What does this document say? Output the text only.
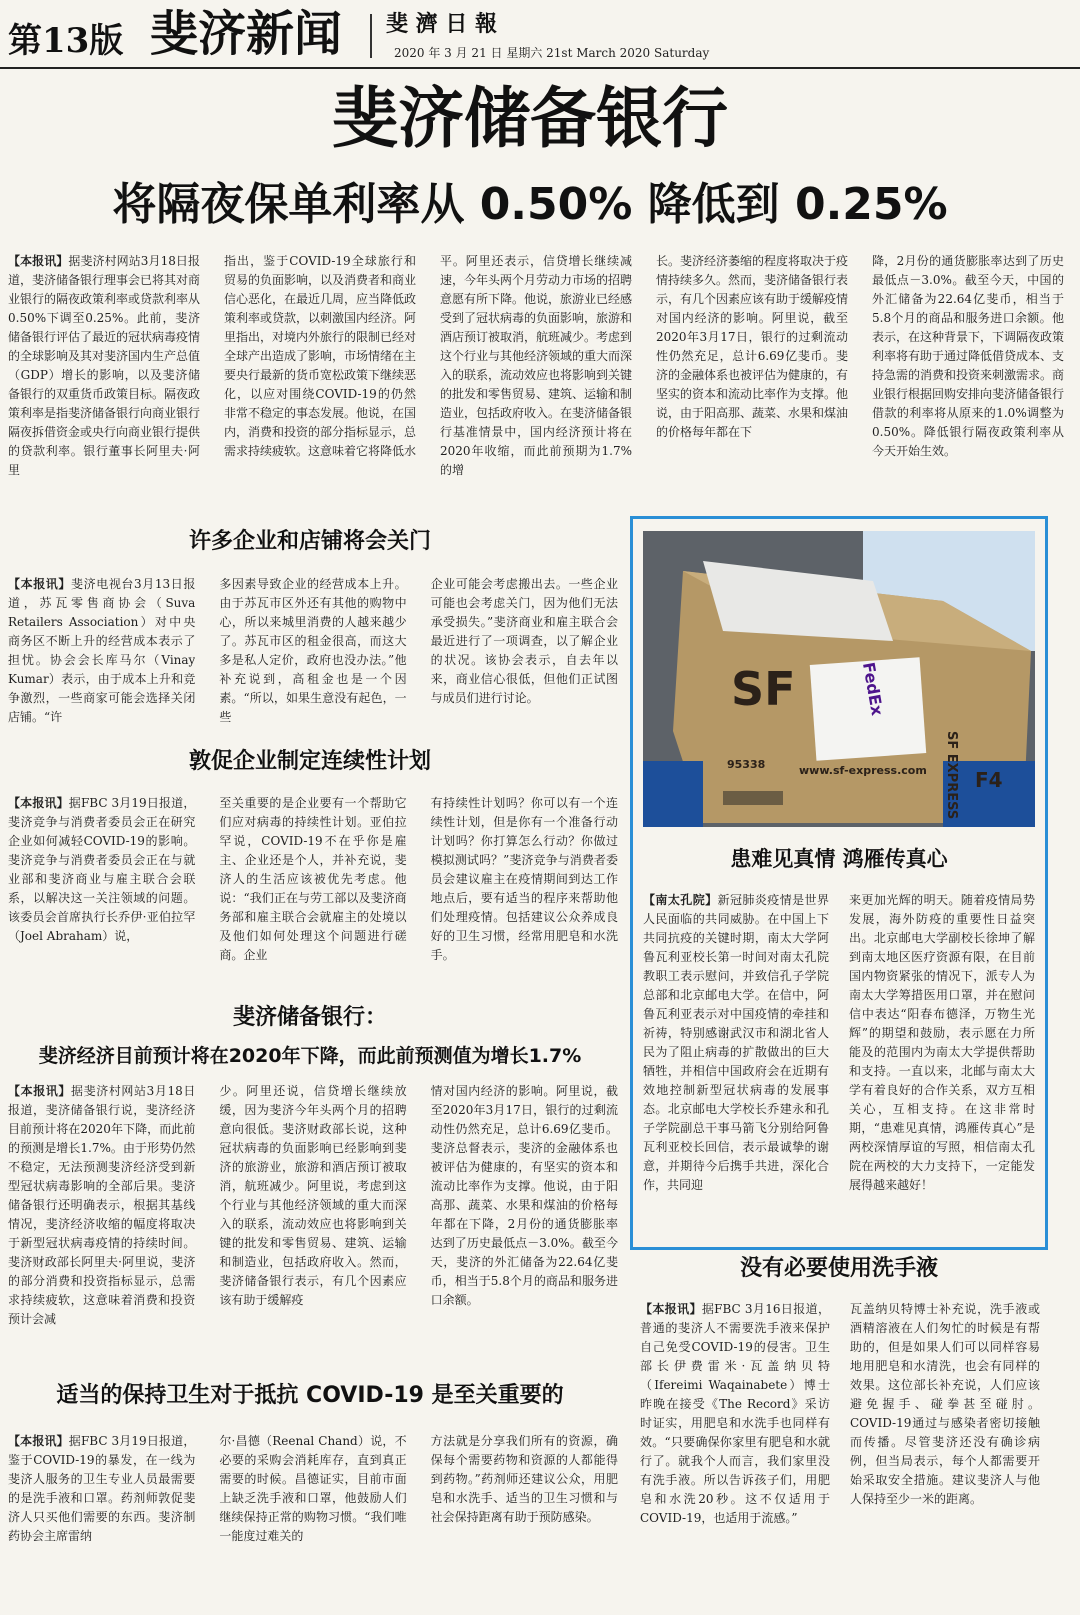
第13版 斐济新闻	斐 濟 日 報
2020 年 3 月 21 日 星期六 21st March 2020 Saturday
斐济储备银行
将隔夜保单利率从 0.50% 降低到 0.25%

【本报讯】据斐济村网站3月18日报道，斐济储备银行理事会已将其对商业银行的隔夜政策利率或贷款利率从0.50%下调至0.25%。此前，斐济储备银行评估了最近的冠状病毒疫情的全球影响及其对斐济国内生产总值（GDP）增长的影响，以及斐济储备银行的双重货币政策目标。隔夜政策利率是指斐济储备银行向商业银行隔夜拆借资金或央行向商业银行提供的贷款利率。银行董事长阿里夫·阿里

指出，鉴于COVID-19全球旅行和贸易的负面影响，以及消费者和商业信心恶化，在最近几周，应当降低政策利率或贷款，以刺激国内经济。阿里指出，对境内外旅行的限制已经对全球产出造成了影响，市场情绪在主要央行最新的货币宽松政策下继续恶化，以应对围绕COVID-19的仍然非常不稳定的事态发展。他说，在国内，消费和投资的部分指标显示，总需求持续疲软。这意味着它将降低水

平。阿里还表示，信贷增长继续减速，今年头两个月劳动力市场的招聘意愿有所下降。他说，旅游业已经感受到了冠状病毒的负面影响，旅游和酒店预订被取消，航班减少。考虑到这个行业与其他经济领域的重大而深入的联系，流动效应也将影响到关键的批发和零售贸易、建筑、运输和制造业，包括政府收入。在斐济储备银行基准情景中，国内经济预计将在2020年收缩，而此前预期为1.7%的增

长。斐济经济萎缩的程度将取决于疫情持续多久。然而，斐济储备银行表示，有几个因素应该有助于缓解疫情对国内经济的影响。阿里说，截至2020年3月17日，银行的过剩流动性仍然充足，总计6.69亿斐币。斐济的金融体系也被评估为健康的，有坚实的资本和流动比率作为支撑。他说，由于阳高那、蔬菜、水果和煤油的价格每年都在下

降，2月份的通货膨胀率达到了历史最低点－3.0%。截至今天，中国的外汇储备为22.64亿斐币，相当于5.8个月的商品和服务进口余额。他表示，在这种背景下，下调隔夜政策利率将有助于通过降低借贷成本、支持急需的消费和投资来刺激需求。商业银行根据回购安排向斐济储备银行借款的利率将从原来的1.0%调整为0.50%。降低银行隔夜政策利率从今天开始生效。

许多企业和店铺将会关门

【本报讯】斐济电视台3月13日报道，苏瓦零售商协会（Suva Retailers Association）对中央商务区不断上升的经营成本表示了担忧。协会会长库马尔（Vinay Kumar）表示，由于成本上升和竞争激烈，一些商家可能会选择关闭店铺。“许

多因素导致企业的经营成本上升。由于苏瓦市区外还有其他的购物中心，所以来城里消费的人越来越少了。苏瓦市区的租金很高，而这大多是私人定价，政府也没办法。”他补充说到，高租金也是一个因素。“所以，如果生意没有起色，一些

企业可能会考虑搬出去。一些企业可能也会考虑关门，因为他们无法承受损失。”斐济商业和雇主联合会最近进行了一项调查，以了解企业的状况。该协会表示，自去年以来，商业信心很低，但他们正试图与成员们进行讨论。

敦促企业制定连续性计划

【本报讯】据FBC 3月19日报道，斐济竞争与消费者委员会正在研究企业如何减轻COVID-19的影响。斐济竞争与消费者委员会正在与就业部和斐济商业与雇主联合会联系，以解决这一关注领域的问题。该委员会首席执行长乔伊·亚伯拉罕（Joel Abraham）说，

至关重要的是企业要有一个帮助它们应对病毒的持续性计划。亚伯拉罕说，COVID-19不在乎你是雇主、企业还是个人，并补充说，斐济人的生活应该被优先考虑。他说：“我们正在与劳工部以及斐济商务部和雇主联合会就雇主的处境以及他们如何处理这个问题进行磋商。企业

有持续性计划吗？你可以有一个连续性计划，但是你有一个准备行动计划吗？你打算怎么行动？你做过模拟测试吗？”斐济竞争与消费者委员会建议雇主在疫情期间到达工作地点后，要有适当的程序来帮助他们处理疫情。包括建议公众养成良好的卫生习惯，经常用肥皂和水洗手。

斐济储备银行：
斐济经济目前预计将在2020年下降，而此前预测值为增长1.7%

【本报讯】据斐济村网站3月18日报道，斐济储备银行说，斐济经济目前预计将在2020年下降，而此前的预测是增长1.7%。由于形势仍然不稳定，无法预测斐济经济受到新型冠状病毒影响的全部后果。斐济储备银行还明确表示，根据其基线情况，斐济经济收缩的幅度将取决于新型冠状病毒疫情的持续时间。斐济财政部长阿里夫·阿里说，斐济的部分消费和投资指标显示，总需求持续疲软，这意味着消费和投资预计会减

少。阿里还说，信贷增长继续放缓，因为斐济今年头两个月的招聘意向很低。斐济财政部长说，这种冠状病毒的负面影响已经影响到斐济的旅游业，旅游和酒店预订被取消，航班减少。阿里说，考虑到这个行业与其他经济领域的重大而深入的联系，流动效应也将影响到关键的批发和零售贸易、建筑、运输和制造业，包括政府收入。然而，斐济储备银行表示，有几个因素应该有助于缓解疫

情对国内经济的影响。阿里说，截至2020年3月17日，银行的过剩流动性仍然充足，总计6.69亿斐币。斐济总督表示，斐济的金融体系也被评估为健康的，有坚实的资本和流动比率作为支撑。他说，由于阳高那、蔬菜、水果和煤油的价格每年都在下降，2月份的通货膨胀率达到了历史最低点－3.0%。截至今天，斐济的外汇储备为22.64亿斐币，相当于5.8个月的商品和服务进口余额。

适当的保持卫生对于抵抗 COVID-19 是至关重要的

【本报讯】据FBC 3月19日报道，鉴于COVID-19的暴发，在一线为斐济人服务的卫生专业人员最需要的是洗手液和口罩。药剂师敦促斐济人只买他们需要的东西。斐济制药协会主席雷纳

尔·昌德（Reenal Chand）说，不必要的采购会消耗库存，直到真正需要的时候。昌德证实，目前市面上缺乏洗手液和口罩，他鼓励人们继续保持正常的购物习惯。“我们唯一能度过难关的

方法就是分享我们所有的资源，确保每个需要药物和资源的人都能得到药物。”药剂师还建议公众，用肥皂和水洗手、适当的卫生习惯和与社会保持距离有助于预防感染。

SF	FedEx
SF EXPRESS F4
95338	www.sf-express.com
患难见真情 鸿雁传真心

【南太孔院】新冠肺炎疫情是世界人民面临的共同威胁。在中国上下共同抗疫的关键时期，南太大学阿鲁瓦利亚校长第一时间对南太孔院教职工表示慰问，并致信孔子学院总部和北京邮电大学。在信中，阿鲁瓦利亚表示对中国疫情的牵挂和祈祷，特别感谢武汉市和湖北省人民为了阻止病毒的扩散做出的巨大牺牲，并相信中国政府会在近期有效地控制新型冠状病毒的发展事态。北京邮电大学校长乔建永和孔子学院副总干事马箭飞分别给阿鲁瓦利亚校长回信，表示最诚挚的谢意，并期待今后携手共进，深化合作，共同迎

来更加光辉的明天。随着疫情局势发展，海外防疫的重要性日益突出。北京邮电大学副校长徐坤了解到南太地区医疗资源有限，在目前国内物资紧张的情况下，派专人为南太大学筹措医用口罩，并在慰问信中表达“阳春布德泽，万物生光辉”的期望和鼓励，表示愿在力所能及的范围内为南太大学提供帮助和支持。一直以来，北邮与南太大学有着良好的合作关系，双方互相关心，互相支持。在这非常时期，“患难见真情，鸿雁传真心”是两校深情厚谊的写照，相信南太孔院在两校的大力支持下，一定能发展得越来越好！

没有必要使用洗手液

【本报讯】据FBC 3月16日报道，普通的斐济人不需要洗手液来保护自己免受COVID-19的侵害。卫生部长伊费雷米·瓦盖纳贝特（Ifereimi Waqainabete）博士昨晚在接受《The Record》采访时证实，用肥皂和水洗手也同样有效。“只要确保你家里有肥皂和水就行了。就我个人而言，我们家里没有洗手液。所以告诉孩子们，用肥皂和水洗20秒。这不仅适用于COVID-19，也适用于流感。”

瓦盖纳贝特博士补充说，洗手液或酒精溶液在人们匆忙的时候是有帮助的，但是如果人们可以同样容易地用肥皂和水清洗，也会有同样的效果。这位部长补充说，人们应该避免握手、碰拳甚至碰肘。COVID-19通过与感染者密切接触而传播。尽管斐济还没有确诊病例，但当局表示，每个人都需要开始采取安全措施。建议斐济人与他人保持至少一米的距离。
